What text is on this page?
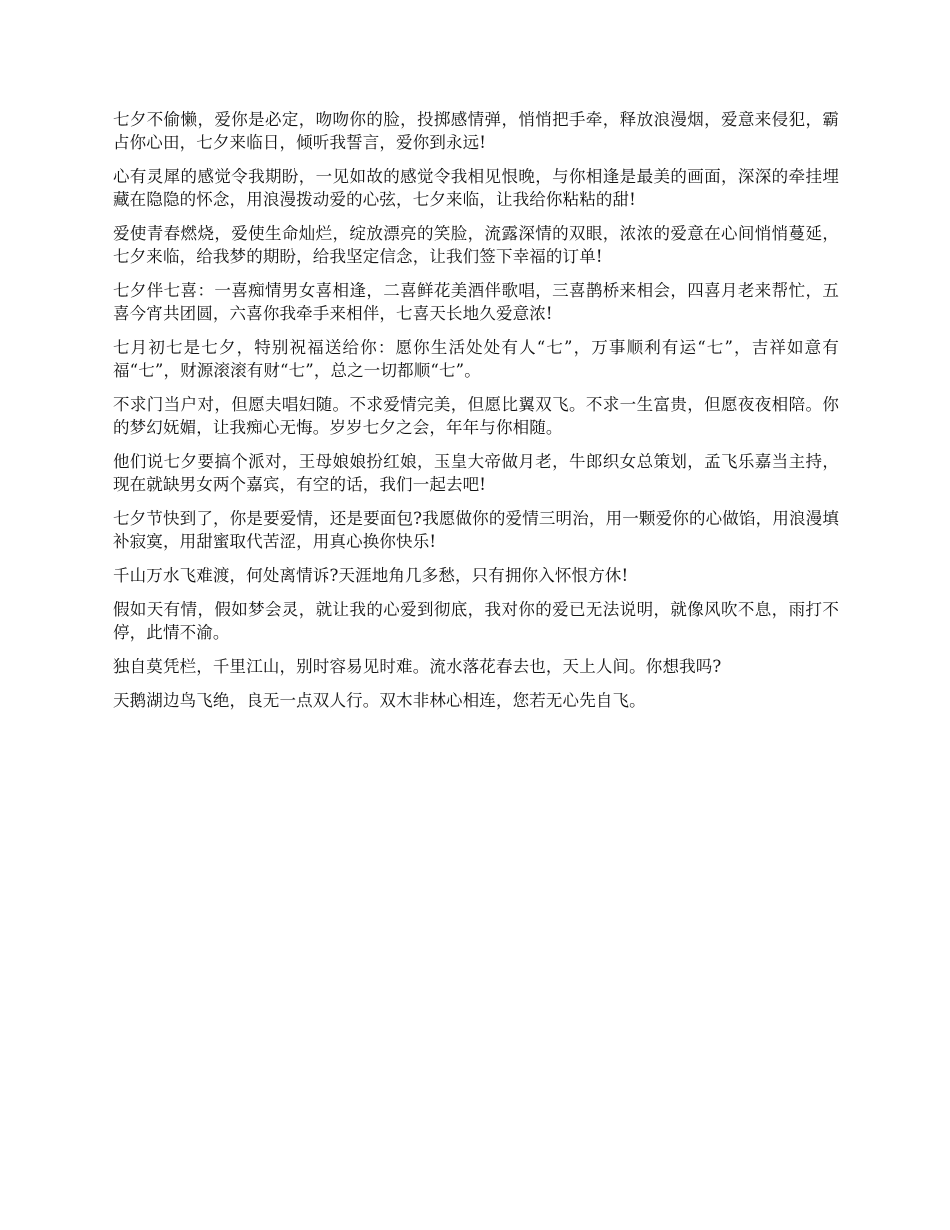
七夕不偷懒，爱你是必定，吻吻你的脸，投掷感情弹，悄悄把手牵，释放浪漫烟，爱意来侵犯，霸占你心田，七夕来临日，倾听我誓言，爱你到永远!

心有灵犀的感觉令我期盼，一见如故的感觉令我相见恨晚，与你相逢是最美的画面，深深的牵挂埋藏在隐隐的怀念，用浪漫拨动爱的心弦，七夕来临，让我给你粘粘的甜!

爱使青春燃烧，爱使生命灿烂，绽放漂亮的笑脸，流露深情的双眼，浓浓的爱意在心间悄悄蔓延，七夕来临，给我梦的期盼，给我坚定信念，让我们签下幸福的订单!

七夕伴七喜：一喜痴情男女喜相逢，二喜鲜花美酒伴歌唱，三喜鹊桥来相会，四喜月老来帮忙，五喜今宵共团圆，六喜你我牵手来相伴，七喜天长地久爱意浓!

七月初七是七夕，特别祝福送给你：愿你生活处处有人“七”，万事顺利有运“七”，吉祥如意有福“七”，财源滚滚有财“七”，总之一切都顺“七”。

不求门当户对，但愿夫唱妇随。不求爱情完美，但愿比翼双飞。不求一生富贵，但愿夜夜相陪。你的梦幻妩媚，让我痴心无悔。岁岁七夕之会，年年与你相随。

他们说七夕要搞个派对，王母娘娘扮红娘，玉皇大帝做月老，牛郎织女总策划，孟飞乐嘉当主持，现在就缺男女两个嘉宾，有空的话，我们一起去吧!

七夕节快到了，你是要爱情，还是要面包?我愿做你的爱情三明治，用一颗爱你的心做馅，用浪漫填补寂寞，用甜蜜取代苦涩，用真心换你快乐!

千山万水飞难渡，何处离情诉?天涯地角几多愁，只有拥你入怀恨方休!

假如天有情，假如梦会灵，就让我的心爱到彻底，我对你的爱已无法说明，就像风吹不息，雨打不停，此情不渝。

独自莫凭栏，千里江山，别时容易见时难。流水落花春去也，天上人间。你想我吗?

天鹅湖边鸟飞绝，良无一点双人行。双木非林心相连，您若无心先自飞。
